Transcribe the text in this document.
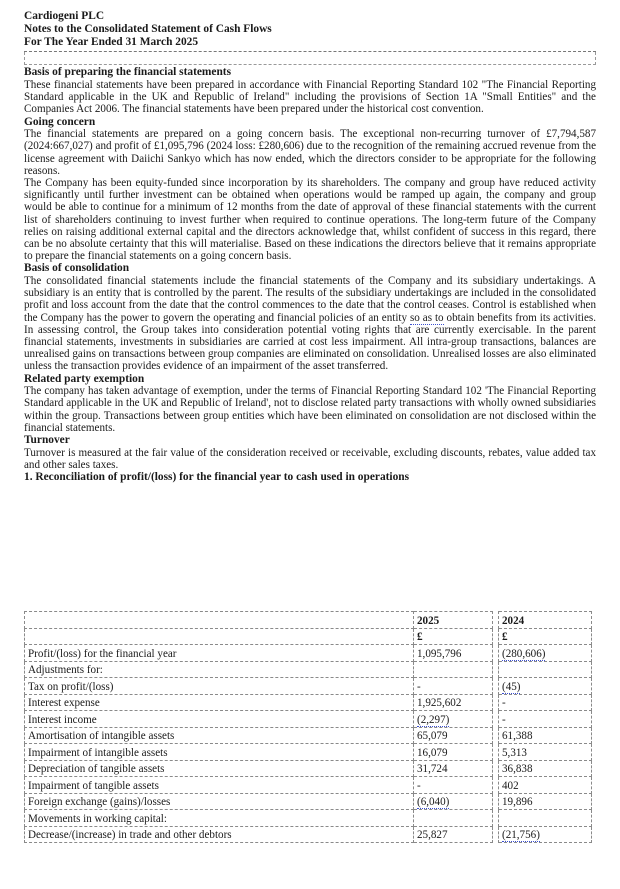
Cardiogeni PLC
Notes to the Consolidated Statement of Cash Flows
For The Year Ended 31 March 2025
Basis of preparing the financial statements
These financial statements have been prepared in accordance with Financial Reporting Standard 102 "The Financial Reporting Standard applicable in the UK and Republic of Ireland" including the provisions of Section 1A "Small Entities" and the Companies Act 2006. The financial statements have been prepared under the historical cost convention.
Going concern
The financial statements are prepared on a going concern basis. The exceptional non-recurring turnover of £7,794,587 (2024:667,027) and profit of £1,095,796 (2024 loss: £280,606) due to the recognition of the remaining accrued revenue from the license agreement with Daiichi Sankyo which has now ended, which the directors consider to be appropriate for the following reasons.
The Company has been equity-funded since incorporation by its shareholders. The company and group have reduced activity significantly until further investment can be obtained when operations would be ramped up again, the company and group would be able to continue for a minimum of 12 months from the date of approval of these financial statements with the current list of shareholders continuing to invest further when required to continue operations. The long-term future of the Company relies on raising additional external capital and the directors acknowledge that, whilst confident of success in this regard, there can be no absolute certainty that this will materialise. Based on these indications the directors believe that it remains appropriate to prepare the financial statements on a going concern basis.
Basis of consolidation
The consolidated financial statements include the financial statements of the Company and its subsidiary undertakings. A subsidiary is an entity that is controlled by the parent. The results of the subsidiary undertakings are included in the consolidated profit and loss account from the date that the control commences to the date that the control ceases. Control is established when the Company has the power to govern the operating and financial policies of an entity so as to obtain benefits from its activities. In assessing control, the Group takes into consideration potential voting rights that are currently exercisable. In the parent financial statements, investments in subsidiaries are carried at cost less impairment. All intra-group transactions, balances are unrealised gains on transactions between group companies are eliminated on consolidation. Unrealised losses are also eliminated unless the transaction provides evidence of an impairment of the asset transferred.
Related party exemption
The company has taken advantage of exemption, under the terms of Financial Reporting Standard 102 'The Financial Reporting Standard applicable in the UK and Republic of Ireland', not to disclose related party transactions with wholly owned subsidiaries within the group. Transactions between group entities which have been eliminated on consolidation are not disclosed within the financial statements.
Turnover
Turnover is measured at the fair value of the consideration received or receivable, excluding discounts, rebates, value added tax and other sales taxes.
1. Reconciliation of profit/(loss) for the financial year to cash used in operations
	2025		2024
	£		£
Profit/(loss) for the financial year	1,095,796		(280,606)
Adjustments for:			
Tax on profit/(loss)	-		(45)
Interest expense	1,925,602		-
Interest income	(2,297)		-
Amortisation of intangible assets	65,079		61,388
Impairment of intangible assets	16,079		5,313
Depreciation of tangible assets	31,724		36,838
Impairment of tangible assets	-		402
Foreign exchange (gains)/losses	(6,040)		19,896
Movements in working capital:			
Decrease/(increase) in trade and other debtors	25,827		(21,756)
